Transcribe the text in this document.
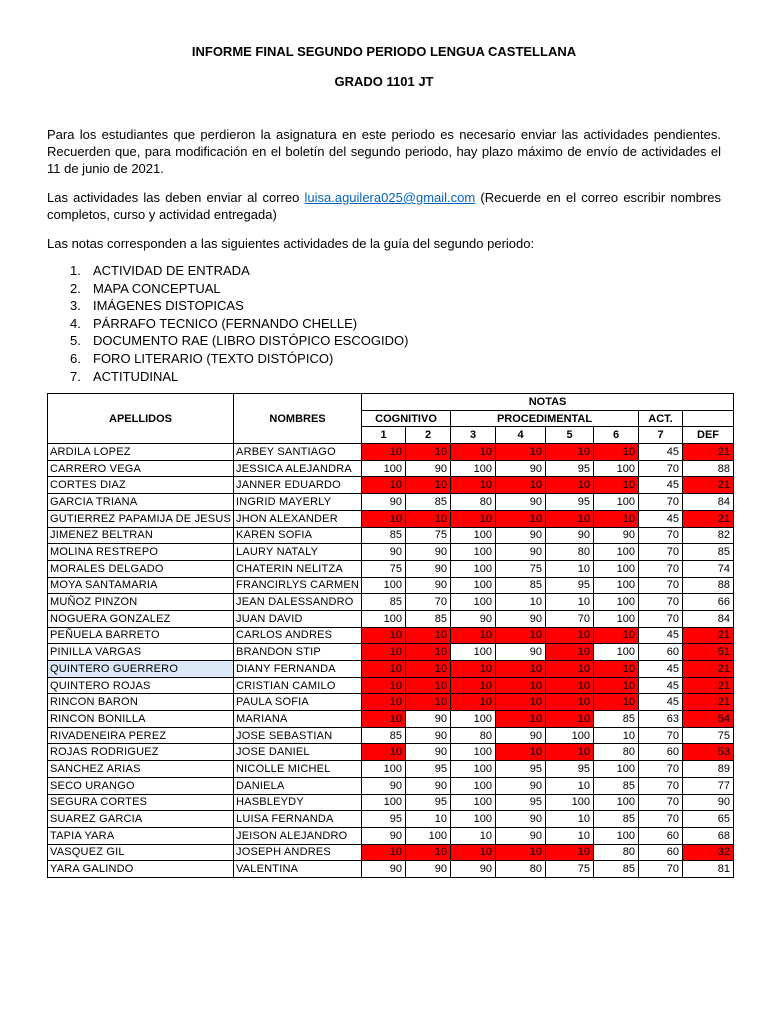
INFORME FINAL SEGUNDO PERIODO LENGUA CASTELLANA
GRADO 1101 JT

Para los estudiantes que perdieron la asignatura en este periodo es necesario enviar las actividades pendientes. Recuerden que, para modificación en el boletín del segundo periodo, hay plazo máximo de envío de actividades el 11 de junio de 2021.

Las actividades las deben enviar al correo luisa.aguilera025@gmail.com (Recuerde en el correo escribir nombres completos, curso y actividad entregada)

Las notas corresponden a las siguientes actividades de la guía del segundo periodo:

1. ACTIVIDAD DE ENTRADA
2. MAPA CONCEPTUAL
3. IMÁGENES DISTOPICAS
4. PÁRRAFO TECNICO (FERNANDO CHELLE)
5. DOCUMENTO RAE (LIBRO DISTÓPICO ESCOGIDO)
6. FORO LITERARIO (TEXTO DISTÓPICO)
7. ACTITUDINAL
APELLIDOS	NOMBRES	NOTAS							
		COGNITIVO		PROCEDIMENTAL				ACT.	
		1	2	3	4	5	6	7	DEF
ARDILA LOPEZ	ARBEY SANTIAGO	10	10	10	10	10	10	45	21
CARRERO VEGA	JESSICA ALEJANDRA	100	90	100	90	95	100	70	88
CORTES DIAZ	JANNER EDUARDO	10	10	10	10	10	10	45	21
GARCIA TRIANA	INGRID MAYERLY	90	85	80	90	95	100	70	84
GUTIERREZ PAPAMIJA DE JESUS	JHON ALEXANDER	10	10	10	10	10	10	45	21
JIMENEZ BELTRAN	KAREN SOFIA	85	75	100	90	90	90	70	82
MOLINA RESTREPO	LAURY NATALY	90	90	100	90	80	100	70	85
MORALES DELGADO	CHATERIN NELITZA	75	90	100	75	10	100	70	74
MOYA SANTAMARIA	FRANCIRLYS CARMEN	100	90	100	85	95	100	70	88
MUÑOZ PINZON	JEAN DALESSANDRO	85	70	100	10	10	100	70	66
NOGUERA GONZALEZ	JUAN DAVID	100	85	90	90	70	100	70	84
PEÑUELA BARRETO	CARLOS ANDRES	10	10	10	10	10	10	45	21
PINILLA VARGAS	BRANDON STIP	10	10	100	90	10	100	60	51
QUINTERO GUERRERO	DIANY FERNANDA	10	10	10	10	10	10	45	21
QUINTERO ROJAS	CRISTIAN CAMILO	10	10	10	10	10	10	45	21
RINCON BARON	PAULA SOFIA	10	10	10	10	10	10	45	21
RINCON BONILLA	MARIANA	10	90	100	10	10	85	63	54
RIVADENEIRA PEREZ	JOSE SEBASTIAN	85	90	80	90	100	10	70	75
ROJAS RODRIGUEZ	JOSE DANIEL	10	90	100	10	10	80	60	53
SANCHEZ ARIAS	NICOLLE MICHEL	100	95	100	95	95	100	70	89
SECO URANGO	DANIELA	90	90	100	90	10	85	70	77
SEGURA CORTES	HASBLEYDY	100	95	100	95	100	100	70	90
SUAREZ GARCIA	LUISA FERNANDA	95	10	100	90	10	85	70	65
TAPIA YARA	JEISON ALEJANDRO	90	100	10	90	10	100	60	68
VASQUEZ GIL	JOSEPH ANDRES	10	10	10	10	10	80	60	32
YARA GALINDO	VALENTINA	90	90	90	80	75	85	70	81
